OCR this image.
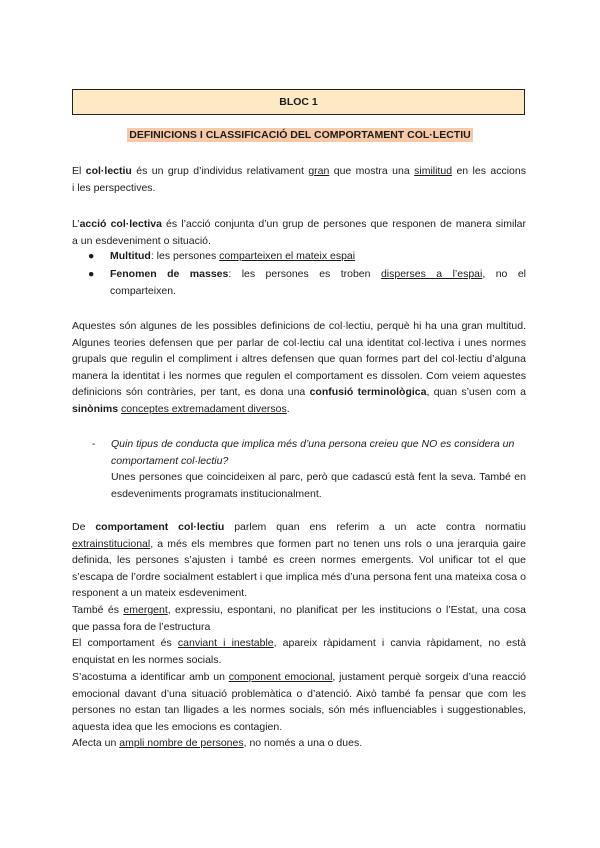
BLOC 1
DEFINICIONS I CLASSIFICACIÓ DEL COMPORTAMENT COL·LECTIU
El col·lectiu és un grup d’individus relativament gran que mostra una similitud en les accions
i les perspectives.
L’acció col·lectiva és l’acció conjunta d’un grup de persones que responen de manera similar
a un esdeveniment o situació.
●	Multitud: les persones comparteixen el mateix espai
●	Fenomen de masses: les persones es troben disperses a l’espai, no el
comparteixen.
Aquestes són algunes de les possibles definicions de col·lectiu, perquè hi ha una gran multitud. Algunes teories defensen que per parlar de col·lectiu cal una identitat col·lectiva i unes normes grupals que regulin el compliment i altres defensen que quan formes part del col·lectiu d’alguna manera la identitat i les normes que regulen el comportament es dissolen. Com veiem aquestes definicions són contràries, per tant, es dona una confusió terminològica, quan s’usen com a sinònims conceptes extremadament diversos.
- Quin tipus de conducta que implica més d’una persona creieu que NO es considera un comportament col·lectiu?
Unes persones que coincideixen al parc, però que cadascú està fent la seva. També en esdeveniments programats institucionalment.
De comportament col·lectiu parlem quan ens referim a un acte contra normatiu extrainstitucional, a més els membres que formen part no tenen uns rols o una jerarquia gaire definida, les persones s’ajusten i també es creen normes emergents. Vol unificar tot el que s’escapa de l’ordre socialment establert i que implica més d’una persona fent una mateixa cosa o responent a un mateix esdeveniment.
També és emergent, expressiu, espontani, no planificat per les institucions o l’Estat, una cosa que passa fora de l’estructura
El comportament és canviant i inestable, apareix ràpidament i canvia ràpidament, no està enquistat en les normes socials.
S’acostuma a identificar amb un component emocional, justament perquè sorgeix d’una reacció emocional davant d’una situació problemàtica o d’atenció. Això també fa pensar que com les persones no estan tan lligades a les normes socials, són més influenciables i suggestionables, aquesta idea que les emocions es contagien.
Afecta un ampli nombre de persones, no només a una o dues.
